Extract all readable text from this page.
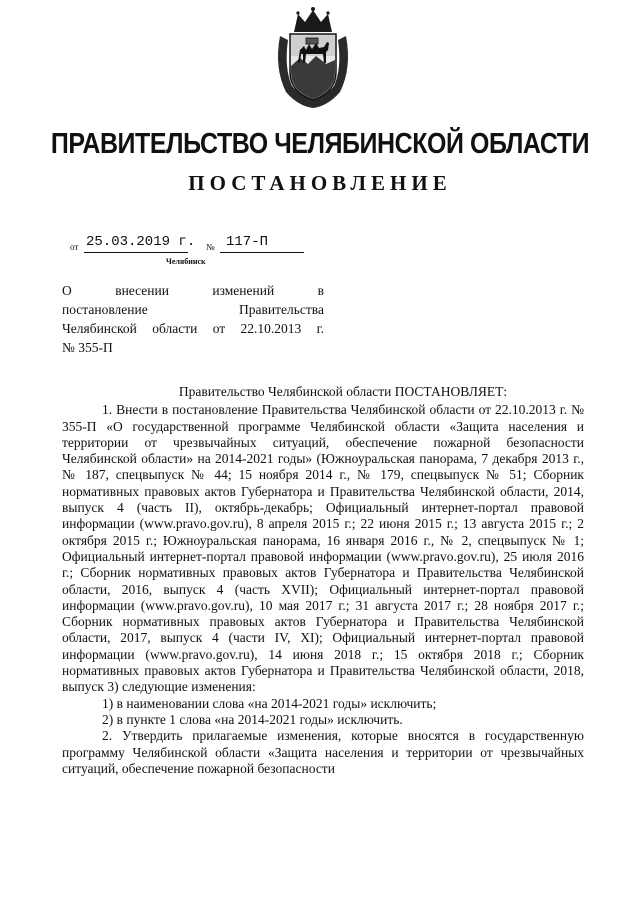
ПРАВИТЕЛЬСТВО ЧЕЛЯБИНСКОЙ ОБЛАСТИ
ПОСТАНОВЛЕНИЕ
от 25.03.2019 г. № 117-П
Челябинск
О внесении изменений в
постановление Правительства
Челябинской области от 22.10.2013 г.
№ 355-П

Правительство Челябинской области ПОСТАНОВЛЯЕТ:

1. Внести в постановление Правительства Челябинской области от 22.10.2013 г. № 355-П «О государственной программе Челябинской области «Защита населения и территории от чрезвычайных ситуаций, обеспечение пожарной безопасности Челябинской области» на 2014-2021 годы» (Южноуральская панорама, 7 декабря 2013 г., № 187, спецвыпуск № 44; 15 ноября 2014 г., № 179, спецвыпуск № 51; Сборник нормативных правовых актов Губернатора и Правительства Челябинской области, 2014, выпуск 4 (часть II), октябрь-декабрь; Официальный интернет-портал правовой информации (www.pravo.gov.ru), 8 апреля 2015 г.; 22 июня 2015 г.; 13 августа 2015 г.; 2 октября 2015 г.; Южноуральская панорама, 16 января 2016 г., № 2, спецвыпуск № 1; Официальный интернет-портал правовой информации (www.pravo.gov.ru), 25 июля 2016 г.; Сборник нормативных правовых актов Губернатора и Правительства Челябинской области, 2016, выпуск 4 (часть XVII); Официальный интернет-портал правовой информации (www.pravo.gov.ru), 10 мая 2017 г.; 31 августа 2017 г.; 28 ноября 2017 г.; Сборник нормативных правовых актов Губернатора и Правительства Челябинской области, 2017, выпуск 4 (части IV, XI); Официальный интернет-портал правовой информации (www.pravo.gov.ru), 14 июня 2018 г.; 15 октября 2018 г.; Сборник нормативных правовых актов Губернатора и Правительства Челябинской области, 2018, выпуск 3) следующие изменения:

1) в наименовании слова «на 2014-2021 годы» исключить;

2) в пункте 1 слова «на 2014-2021 годы» исключить.

2. Утвердить прилагаемые изменения, которые вносятся в государственную программу Челябинской области «Защита населения и территории от чрезвычайных ситуаций, обеспечение пожарной безопасности
